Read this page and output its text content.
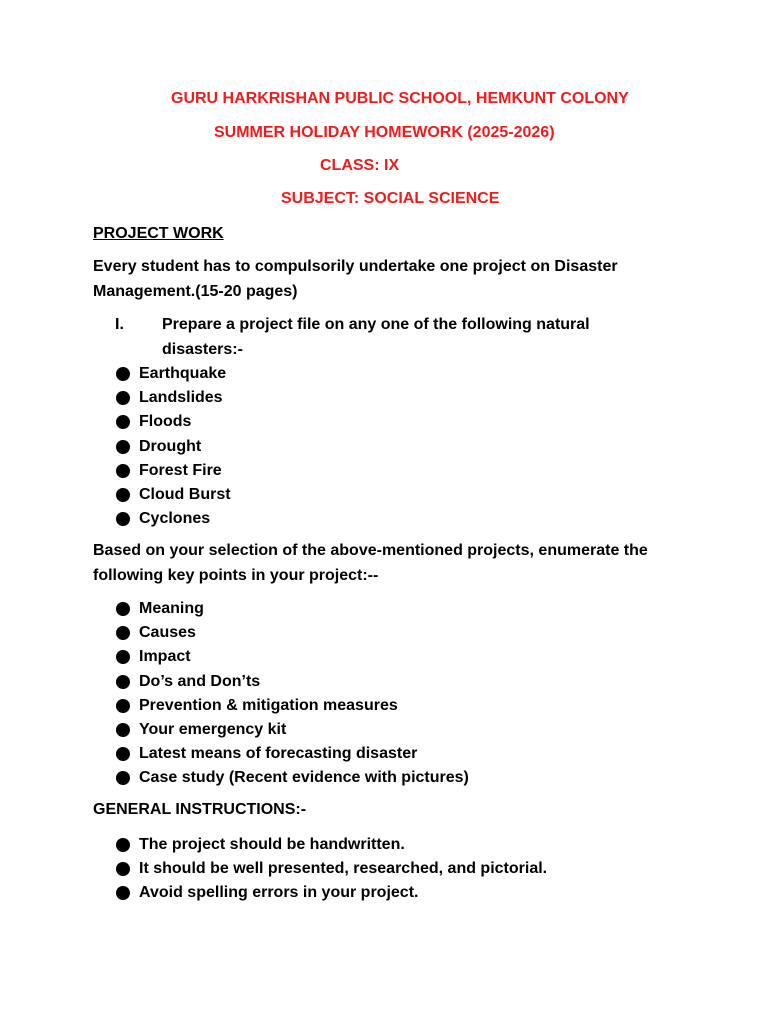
GURU HARKRISHAN PUBLIC SCHOOL, HEMKUNT COLONY
SUMMER HOLIDAY HOMEWORK (2025-2026)
CLASS: IX
SUBJECT: SOCIAL SCIENCE
PROJECT WORK
Every student has to compulsorily undertake one project on Disaster Management.(15-20 pages)
I. Prepare a project file on any one of the following natural disasters:-
Earthquake
Landslides
Floods
Drought
Forest Fire
Cloud Burst
Cyclones
Based on your selection of the above-mentioned projects, enumerate the following key points in your project:--
Meaning
Causes
Impact
Do’s and Don’ts
Prevention & mitigation measures
Your emergency kit
Latest means of forecasting disaster
Case study (Recent evidence with pictures)
GENERAL INSTRUCTIONS:-
The project should be handwritten.
It should be well presented, researched, and pictorial.
Avoid spelling errors in your project.
